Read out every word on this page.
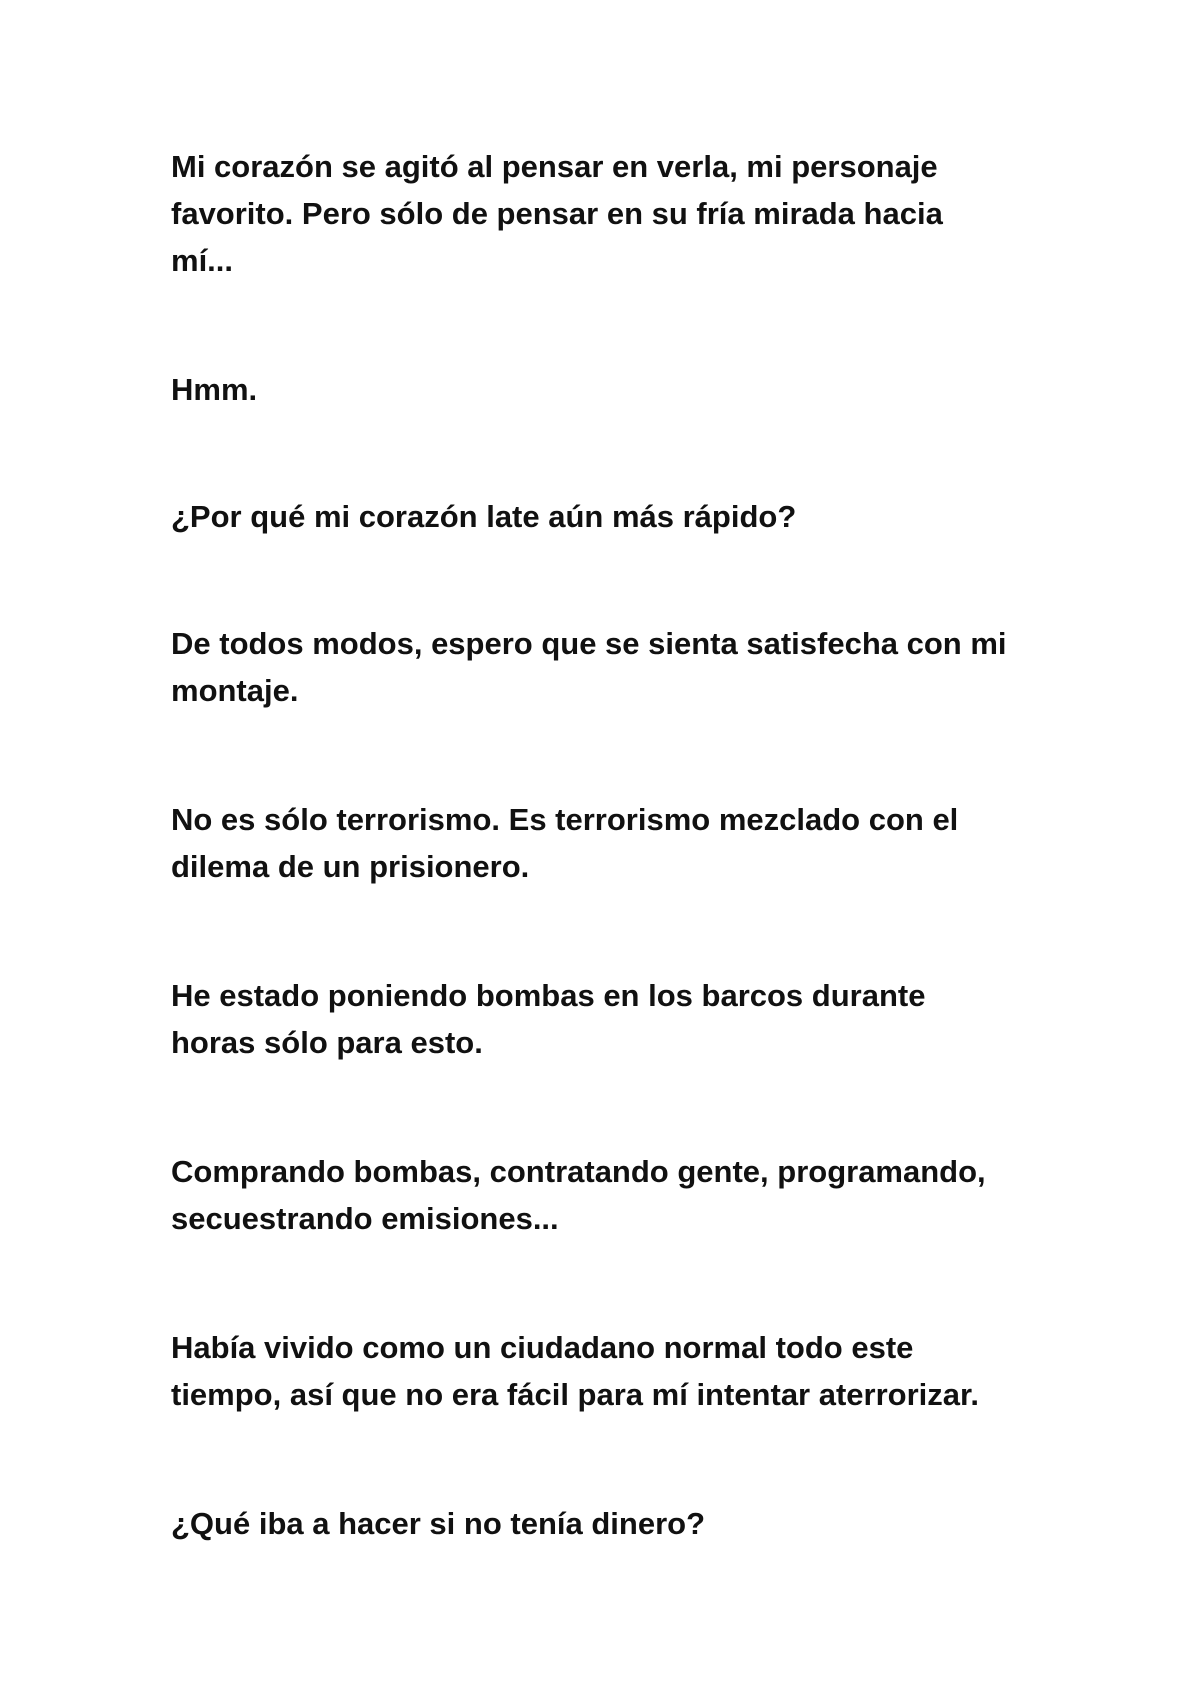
Mi corazón se agitó al pensar en verla, mi personaje
favorito. Pero sólo de pensar en su fría mirada hacia
mí...

Hmm.

¿Por qué mi corazón late aún más rápido?

De todos modos, espero que se sienta satisfecha con mi
montaje.

No es sólo terrorismo. Es terrorismo mezclado con el
dilema de un prisionero.

He estado poniendo bombas en los barcos durante
horas sólo para esto.

Comprando bombas, contratando gente, programando,
secuestrando emisiones...

Había vivido como un ciudadano normal todo este
tiempo, así que no era fácil para mí intentar aterrorizar.

¿Qué iba a hacer si no tenía dinero?
